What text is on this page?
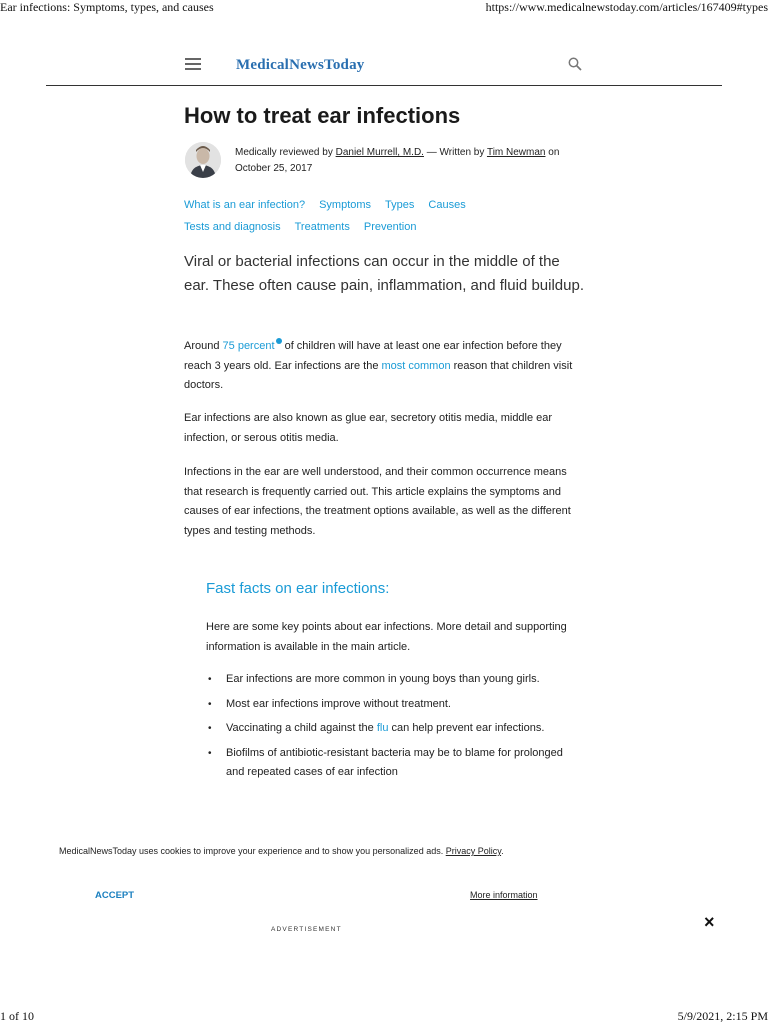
Ear infections: Symptoms, types, and causes	https://www.medicalnewstoday.com/articles/167409#types
MedicalNewsToday
How to treat ear infections
Medically reviewed by Daniel Murrell, M.D. — Written by Tim Newman on
October 25, 2017
What is an ear infection? Symptoms Types Causes
Tests and diagnosis Treatments Prevention
Viral or bacterial infections can occur in the middle of the ear. These often cause pain, inflammation, and fluid buildup.
Around 75 percent of children will have at least one ear infection before they reach 3 years old. Ear infections are the most common reason that children visit doctors.
Ear infections are also known as glue ear, secretory otitis media, middle ear infection, or serous otitis media.
Infections in the ear are well understood, and their common occurrence means that research is frequently carried out. This article explains the symptoms and causes of ear infections, the treatment options available, as well as the different types and testing methods.
Fast facts on ear infections:
Here are some key points about ear infections. More detail and supporting information is available in the main article.
• Ear infections are more common in young boys than young girls.
• Most ear infections improve without treatment.
• Vaccinating a child against the flu can help prevent ear infections.
• Biofilms of antibiotic-resistant bacteria may be to blame for prolonged and repeated cases of ear infection
MedicalNewsToday uses cookies to improve your experience and to show you personalized ads. Privacy Policy.
ACCEPT	More information
ADVERTISEMENT	×
1 of 10	5/9/2021, 2:15 PM
